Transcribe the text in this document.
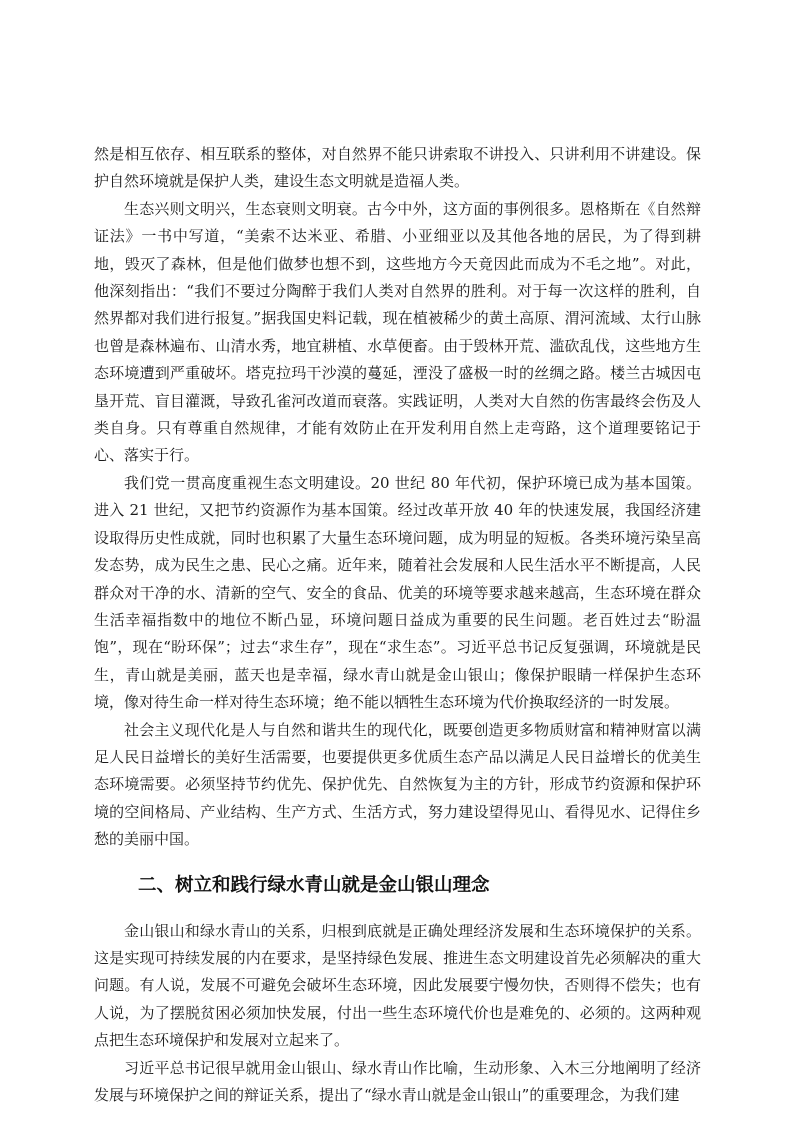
然是相互依存、相互联系的整体，对自然界不能只讲索取不讲投入、只讲利用不讲建设。保护自然环境就是保护人类，建设生态文明就是造福人类。

生态兴则文明兴，生态衰则文明衰。古今中外，这方面的事例很多。恩格斯在《自然辩证法》一书中写道，“美索不达米亚、希腊、小亚细亚以及其他各地的居民，为了得到耕地，毁灭了森林，但是他们做梦也想不到，这些地方今天竟因此而成为不毛之地”。对此，他深刻指出：“我们不要过分陶醉于我们人类对自然界的胜利。对于每一次这样的胜利，自然界都对我们进行报复。”据我国史料记载，现在植被稀少的黄土高原、渭河流域、太行山脉也曾是森林遍布、山清水秀，地宜耕植、水草便畜。由于毁林开荒、滥砍乱伐，这些地方生态环境遭到严重破坏。塔克拉玛干沙漠的蔓延，湮没了盛极一时的丝绸之路。楼兰古城因屯垦开荒、盲目灌溉，导致孔雀河改道而衰落。实践证明，人类对大自然的伤害最终会伤及人类自身。只有尊重自然规律，才能有效防止在开发利用自然上走弯路，这个道理要铭记于心、落实于行。

我们党一贯高度重视生态文明建设。20 世纪 80 年代初，保护环境已成为基本国策。进入 21 世纪，又把节约资源作为基本国策。经过改革开放 40 年的快速发展，我国经济建设取得历史性成就，同时也积累了大量生态环境问题，成为明显的短板。各类环境污染呈高发态势，成为民生之患、民心之痛。近年来，随着社会发展和人民生活水平不断提高，人民群众对干净的水、清新的空气、安全的食品、优美的环境等要求越来越高，生态环境在群众生活幸福指数中的地位不断凸显，环境问题日益成为重要的民生问题。老百姓过去“盼温饱”，现在“盼环保”；过去“求生存”，现在“求生态”。习近平总书记反复强调，环境就是民生，青山就是美丽，蓝天也是幸福，绿水青山就是金山银山；像保护眼睛一样保护生态环境，像对待生命一样对待生态环境；绝不能以牺牲生态环境为代价换取经济的一时发展。

社会主义现代化是人与自然和谐共生的现代化，既要创造更多物质财富和精神财富以满足人民日益增长的美好生活需要，也要提供更多优质生态产品以满足人民日益增长的优美生态环境需要。必须坚持节约优先、保护优先、自然恢复为主的方针，形成节约资源和保护环境的空间格局、产业结构、生产方式、生活方式，努力建设望得见山、看得见水、记得住乡愁的美丽中国。

二、树立和践行绿水青山就是金山银山理念

金山银山和绿水青山的关系，归根到底就是正确处理经济发展和生态环境保护的关系。这是实现可持续发展的内在要求，是坚持绿色发展、推进生态文明建设首先必须解决的重大问题。有人说，发展不可避免会破坏生态环境，因此发展要宁慢勿快，否则得不偿失；也有人说，为了摆脱贫困必须加快发展，付出一些生态环境代价也是难免的、必须的。这两种观点把生态环境保护和发展对立起来了。

习近平总书记很早就用金山银山、绿水青山作比喻，生动形象、入木三分地阐明了经济发展与环境保护之间的辩证关系，提出了“绿水青山就是金山银山”的重要理念，为我们建
